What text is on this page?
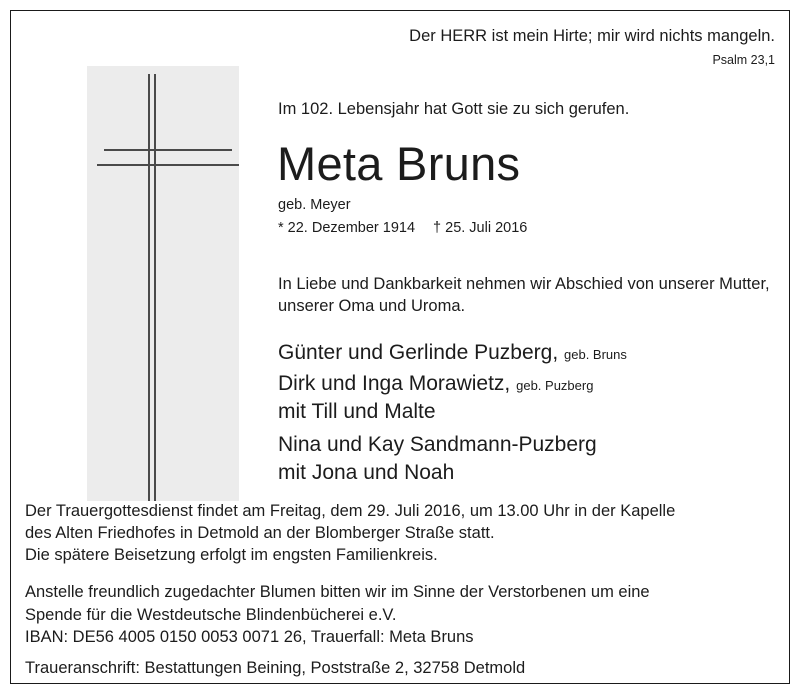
Der HERR ist mein Hirte; mir wird nichts mangeln.

Psalm 23,1

Im 102. Lebensjahr hat Gott sie zu sich gerufen.

Meta Bruns

geb. Meyer

* 22. Dezember 1914 † 25. Juli 2016

In Liebe und Dankbarkeit nehmen wir Abschied von unserer Mutter, unserer Oma und Uroma.

Günter und Gerlinde Puzberg, geb. Bruns

Dirk und Inga Morawietz, geb. Puzberg

mit Till und Malte

Nina und Kay Sandmann-Puzberg

mit Jona und Noah

Der Trauergottesdienst findet am Freitag, dem 29. Juli 2016, um 13.00 Uhr in der Kapelle
des Alten Friedhofes in Detmold an der Blomberger Straße statt.
Die spätere Beisetzung erfolgt im engsten Familienkreis.
Anstelle freundlich zugedachter Blumen bitten wir im Sinne der Verstorbenen um eine
Spende für die Westdeutsche Blindenbücherei e.V.
IBAN: DE56 4005 0150 0053 0071 26, Trauerfall: Meta Bruns

Traueranschrift: Bestattungen Beining, Poststraße 2, 32758 Detmold
